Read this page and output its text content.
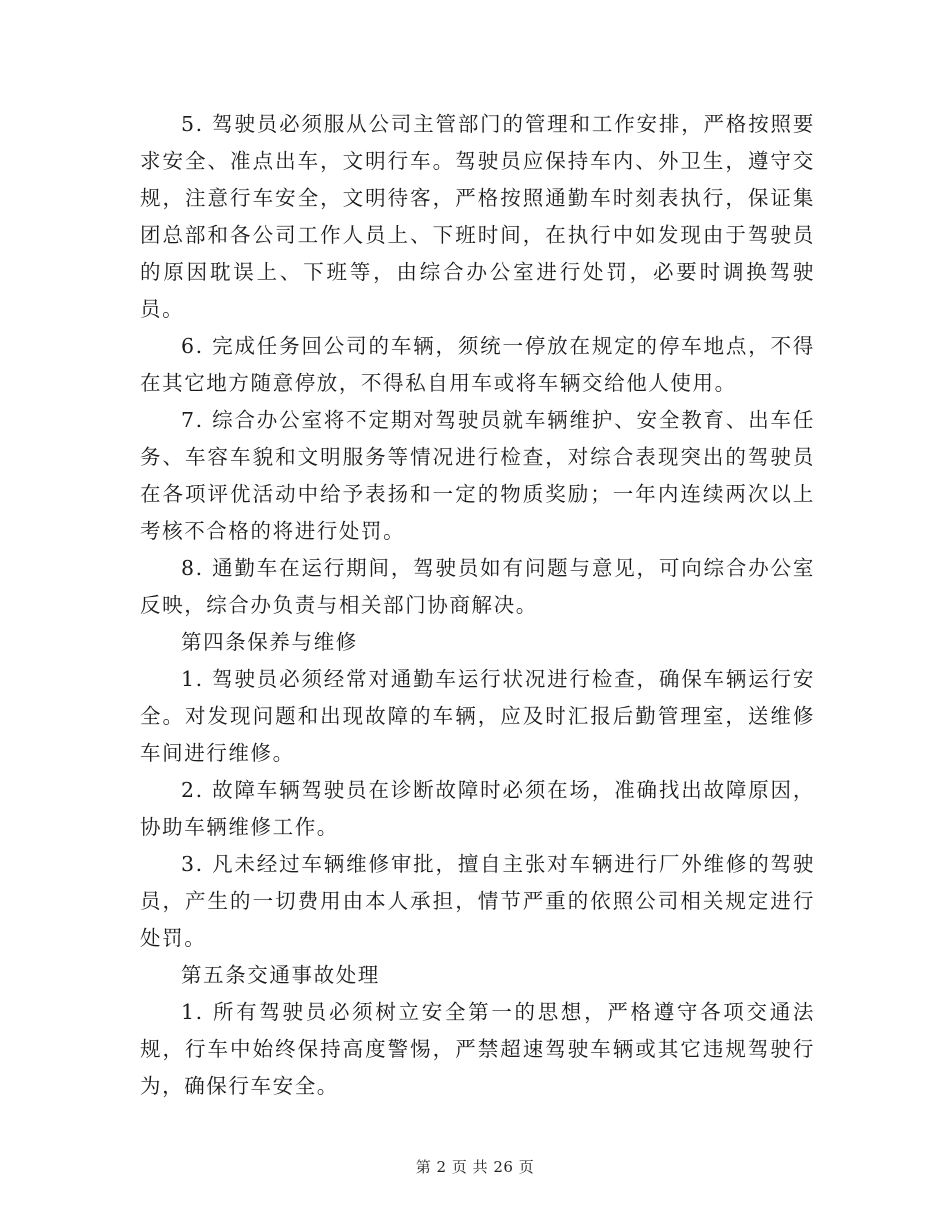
5. 驾驶员必须服从公司主管部门的管理和工作安排，严格按照要求安全、准点出车，文明行车。驾驶员应保持车内、外卫生，遵守交规，注意行车安全，文明待客，严格按照通勤车时刻表执行，保证集团总部和各公司工作人员上、下班时间，在执行中如发现由于驾驶员的原因耽误上、下班等，由综合办公室进行处罚，必要时调换驾驶员。

6. 完成任务回公司的车辆，须统一停放在规定的停车地点，不得在其它地方随意停放，不得私自用车或将车辆交给他人使用。

7. 综合办公室将不定期对驾驶员就车辆维护、安全教育、出车任务、车容车貌和文明服务等情况进行检查，对综合表现突出的驾驶员在各项评优活动中给予表扬和一定的物质奖励；一年内连续两次以上考核不合格的将进行处罚。

8. 通勤车在运行期间，驾驶员如有问题与意见，可向综合办公室反映，综合办负责与相关部门协商解决。

第四条保养与维修

1. 驾驶员必须经常对通勤车运行状况进行检查，确保车辆运行安全。对发现问题和出现故障的车辆，应及时汇报后勤管理室，送维修车间进行维修。

2. 故障车辆驾驶员在诊断故障时必须在场，准确找出故障原因，协助车辆维修工作。

3. 凡未经过车辆维修审批，擅自主张对车辆进行厂外维修的驾驶员，产生的一切费用由本人承担，情节严重的依照公司相关规定进行处罚。

第五条交通事故处理

1. 所有驾驶员必须树立安全第一的思想，严格遵守各项交通法规，行车中始终保持高度警惕，严禁超速驾驶车辆或其它违规驾驶行为，确保行车安全。

第 2 页 共 26 页
